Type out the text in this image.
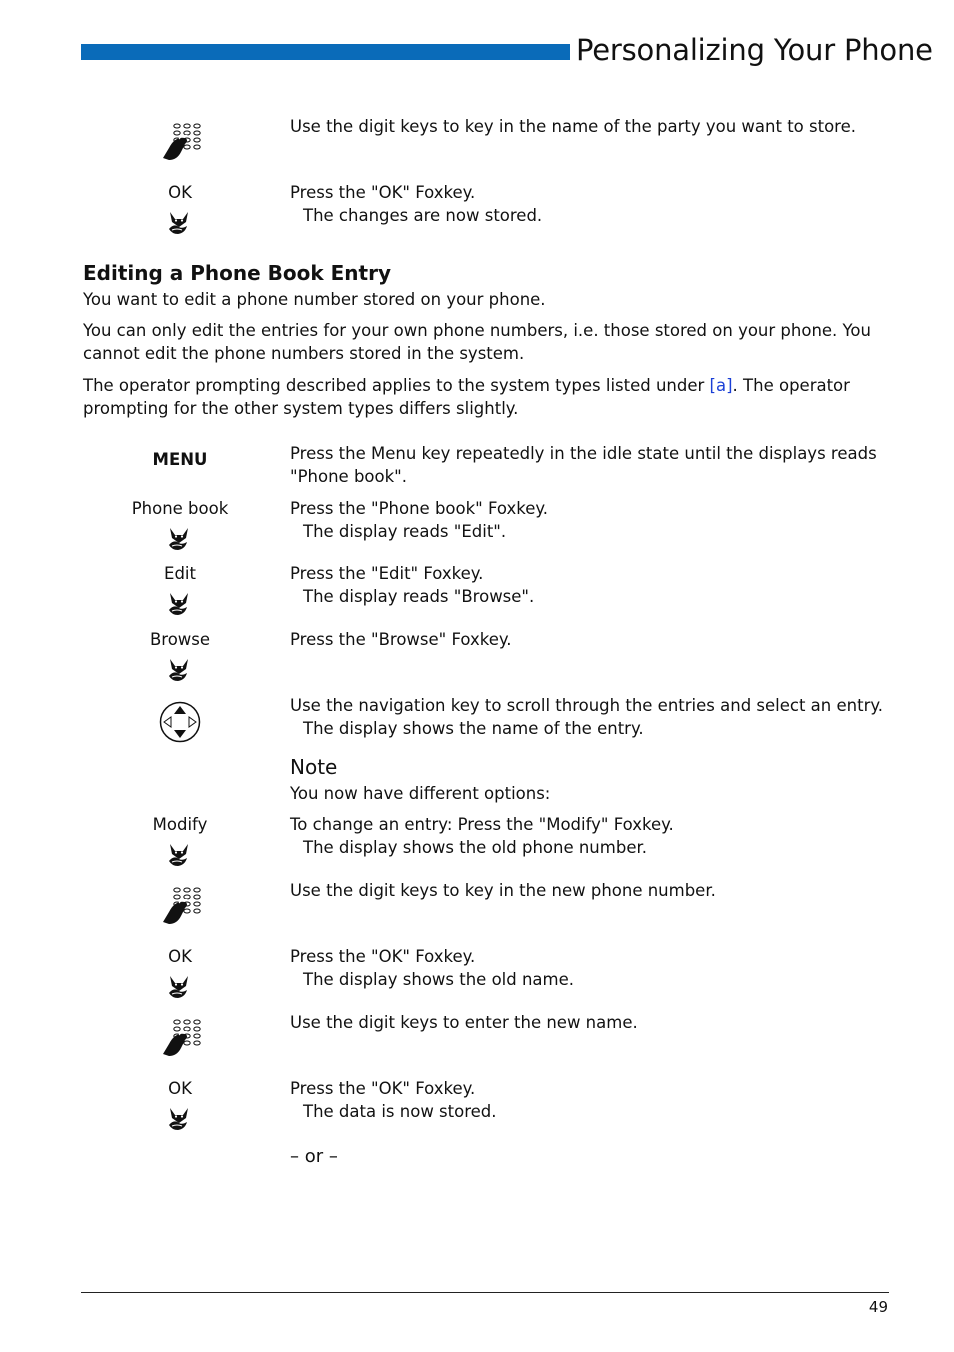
Personalizing Your Phone
Use the digit keys to key in the name of the party you want to store.
OK	Press the "OK" Foxkey.
The changes are now stored.
Editing a Phone Book Entry
You want to edit a phone number stored on your phone.
You can only edit the entries for your own phone numbers, i.e. those stored on your phone. You cannot edit the phone numbers stored in the system.
The operator prompting described applies to the system types listed under [a]. The operator prompting for the other system types differs slightly.
MENU	Press the Menu key repeatedly in the idle state until the displays reads "Phone book".
Phone book	Press the "Phone book" Foxkey.
The display reads "Edit".
Edit	Press the "Edit" Foxkey.
The display reads "Browse".
Browse	Press the "Browse" Foxkey.
Use the navigation key to scroll through the entries and select an entry.
The display shows the name of the entry.
Note
You now have different options:
Modify	To change an entry: Press the "Modify" Foxkey.
The display shows the old phone number.
Use the digit keys to key in the new phone number.
OK	Press the "OK" Foxkey.
The display shows the old name.
Use the digit keys to enter the new name.
OK	Press the "OK" Foxkey.
The data is now stored.
– or –
49
